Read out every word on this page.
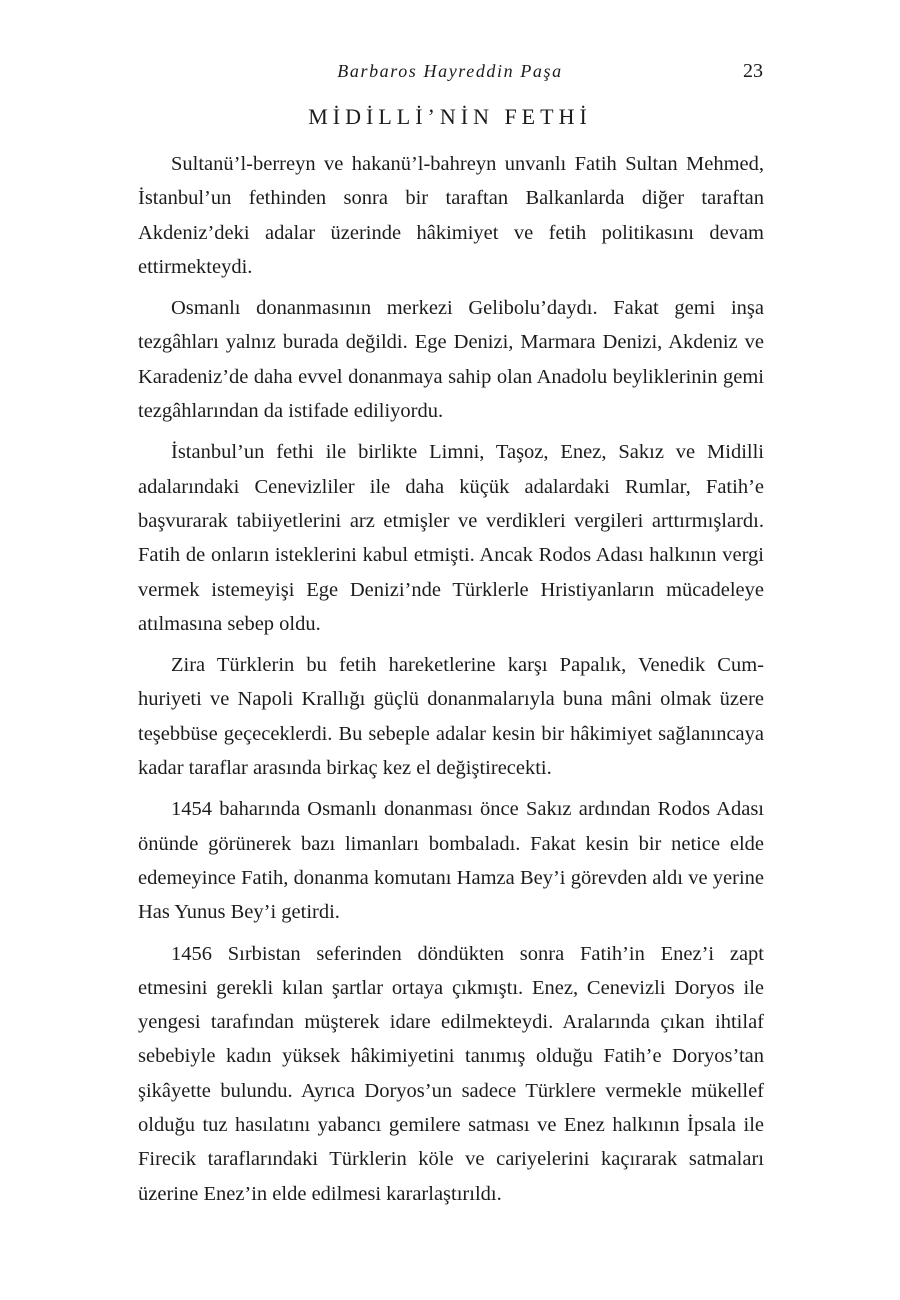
Barbaros Hayreddin Paşa	23
MİDİLLİ’NİN FETHİ

Sultanü’l-berreyn ve hakanü’l-bahreyn unvanlı Fatih Sultan Mehmed, İstanbul’un fethinden sonra bir taraftan Balkanlarda diğer taraftan Akdeniz’deki adalar üzerinde hâkimiyet ve fetih politikasını devam ettirmekteydi.

Osmanlı donanmasının merkezi Gelibolu’daydı. Fakat gemi inşa tezgâhları yalnız burada değildi. Ege Denizi, Marmara Denizi, Akdeniz ve Karadeniz’de daha evvel donanmaya sahip olan Anadolu beyliklerinin gemi tezgâhlarından da istifade ediliyordu.

İstanbul’un fethi ile birlikte Limni, Taşoz, Enez, Sakız ve Midilli adalarındaki Cenevizliler ile daha küçük adalardaki Rumlar, Fatih’e başvurarak tabiiyetlerini arz etmişler ve verdikleri vergileri arttırmışlardı. Fatih de onların isteklerini kabul etmişti. Ancak Rodos Adası halkının vergi vermek istemeyişi Ege Denizi’nde Türklerle Hristiyanların mücadeleye atılmasına sebep oldu.

Zira Türklerin bu fetih hareketlerine karşı Papalık, Venedik Cumhuriyeti ve Napoli Krallığı güçlü donanmalarıyla buna mâni olmak üzere teşebbüse geçeceklerdi. Bu sebeple adalar kesin bir hâkimiyet sağlanıncaya kadar taraflar arasında birkaç kez el değiştirecekti.

1454 baharında Osmanlı donanması önce Sakız ardından Rodos Adası önünde görünerek bazı limanları bombaladı. Fakat kesin bir netice elde edemeyince Fatih, donanma komutanı Hamza Bey’i görevden aldı ve yerine Has Yunus Bey’i getirdi.

1456 Sırbistan seferinden döndükten sonra Fatih’in Enez’i zapt etmesini gerekli kılan şartlar ortaya çıkmıştı. Enez, Cenevizli Doryos ile yengesi tarafından müşterek idare edilmekteydi. Aralarında çıkan ihtilaf sebebiyle kadın yüksek hâkimiyetini tanımış olduğu Fatih’e Doryos’tan şikâyette bulundu. Ayrıca Doryos’un sadece Türklere vermekle mükellef olduğu tuz hasılatını yabancı gemilere satması ve Enez halkının İpsala ile Firecik taraflarındaki Türklerin köle ve cariyelerini kaçırarak satmaları üzerine Enez’in elde edilmesi kararlaştırıldı.
